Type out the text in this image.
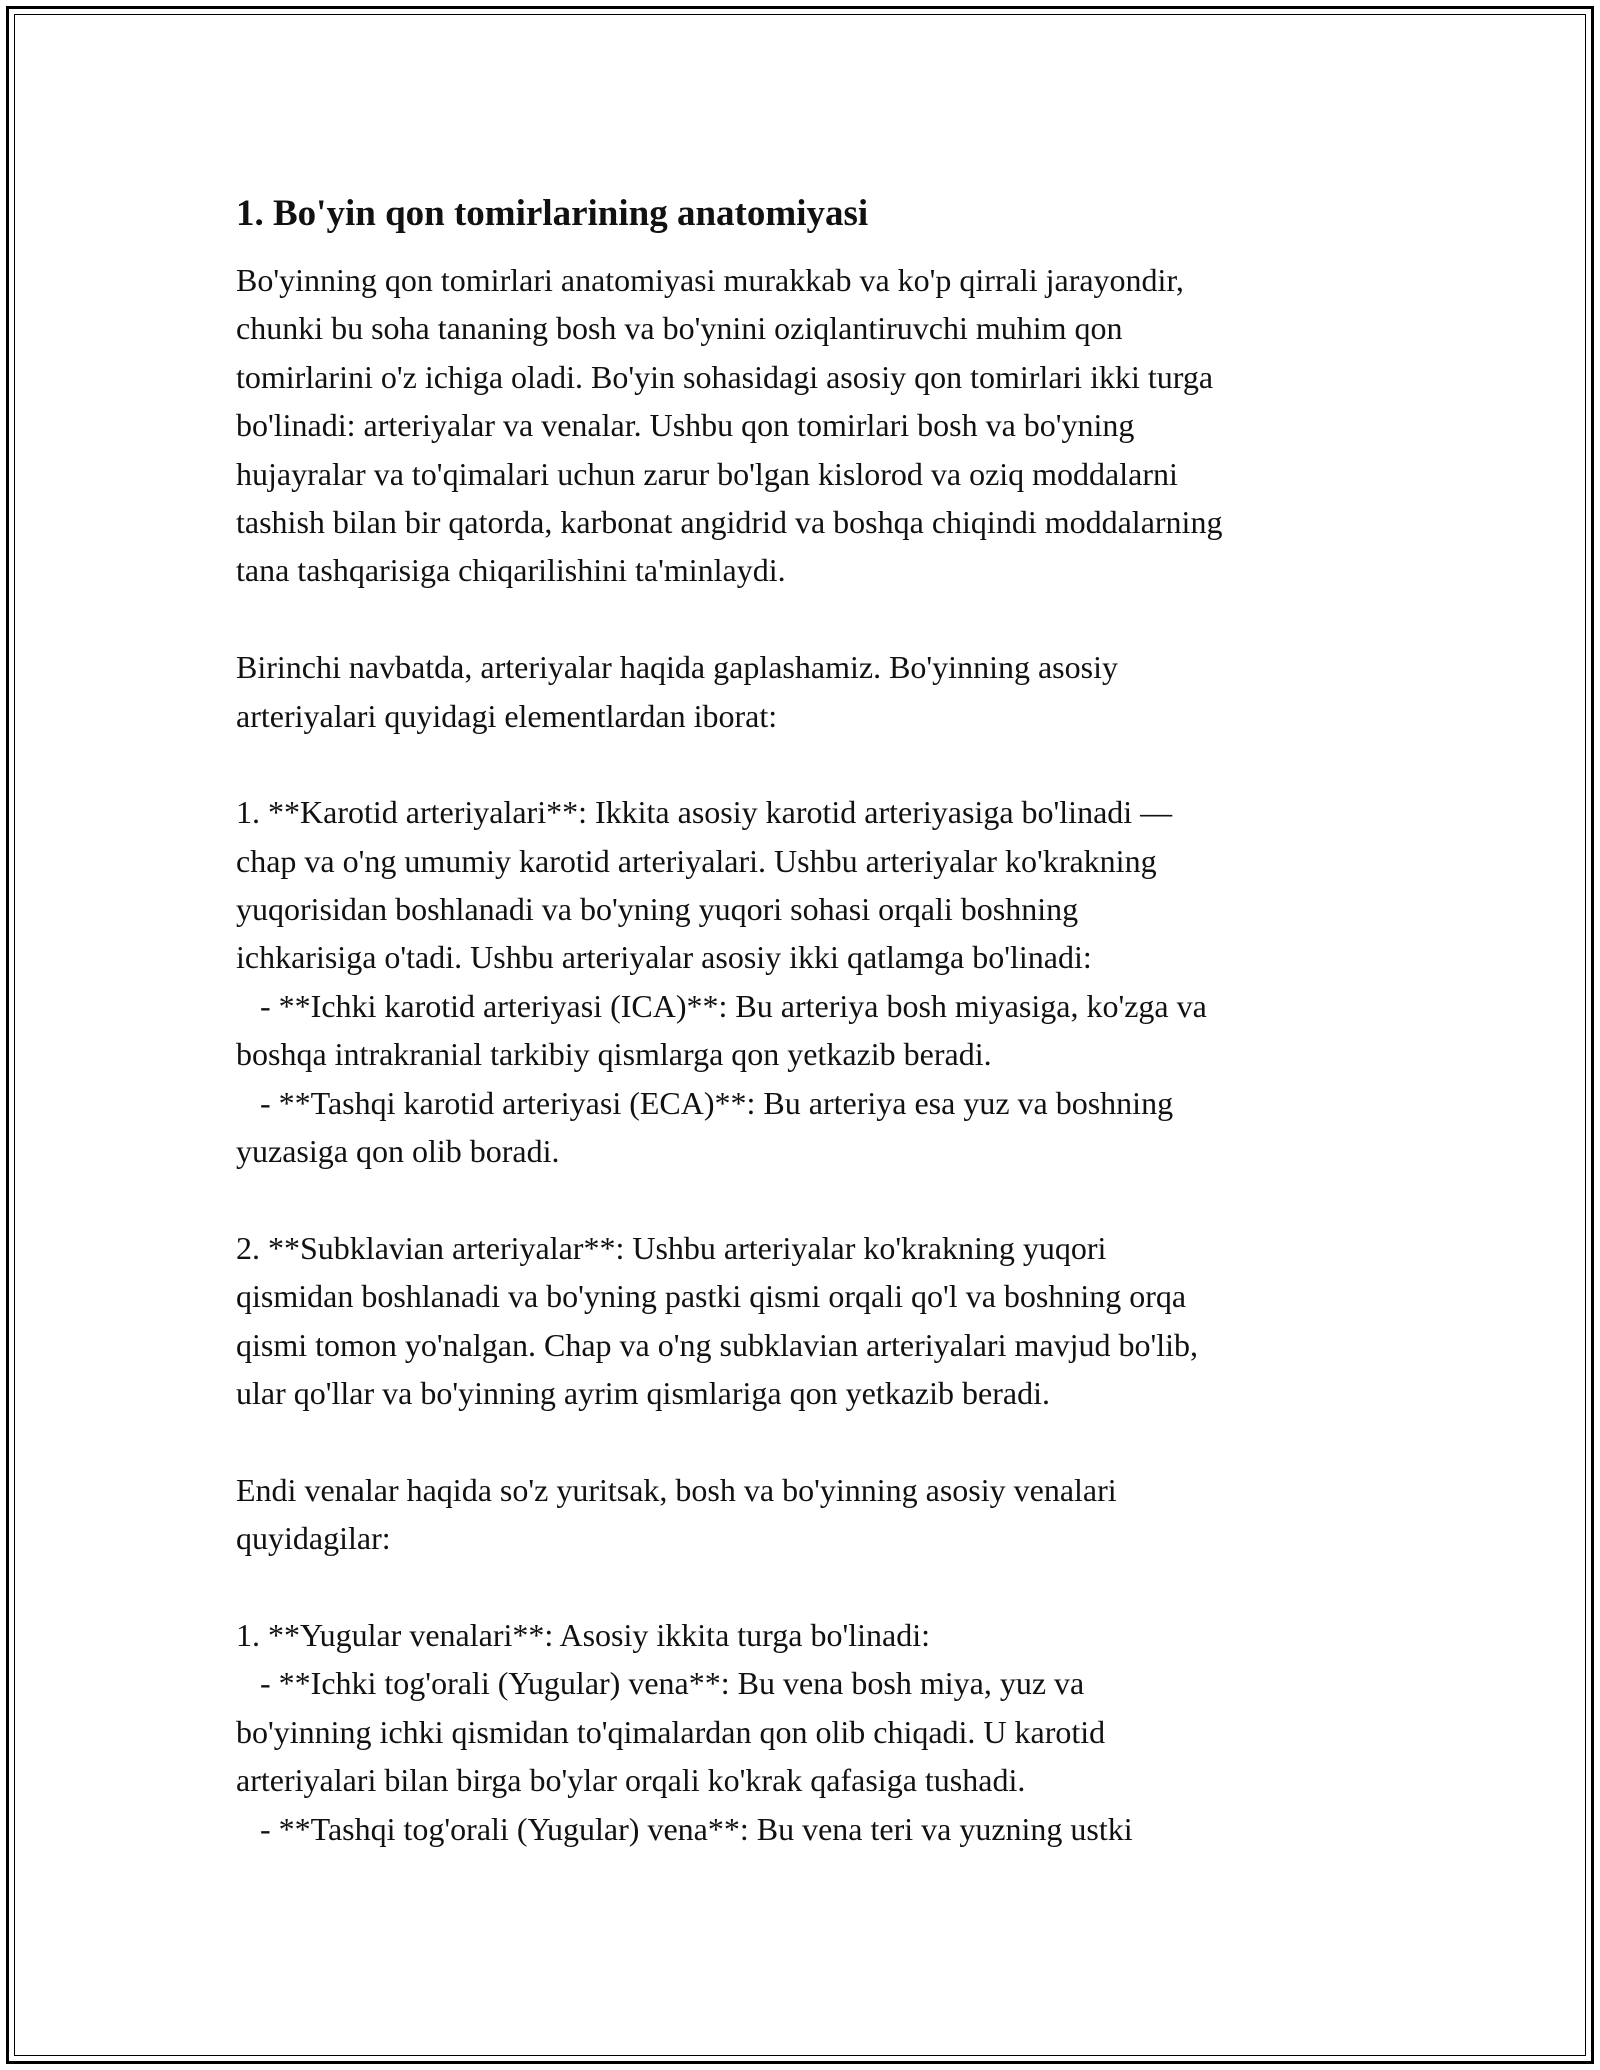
1. Bo'yin qon tomirlarining anatomiyasi

Bo'yinning qon tomirlari anatomiyasi murakkab va ko'p qirrali jarayondir,
chunki bu soha tananing bosh va bo'ynini oziqlantiruvchi muhim qon
tomirlarini o'z ichiga oladi. Bo'yin sohasidagi asosiy qon tomirlari ikki turga
bo'linadi: arteriyalar va venalar. Ushbu qon tomirlari bosh va bo'yning
hujayralar va to'qimalari uchun zarur bo'lgan kislorod va oziq moddalarni
tashish bilan bir qatorda, karbonat angidrid va boshqa chiqindi moddalarning
tana tashqarisiga chiqarilishini ta'minlaydi.

Birinchi navbatda, arteriyalar haqida gaplashamiz. Bo'yinning asosiy
arteriyalari quyidagi elementlardan iborat:

1. **Karotid arteriyalari**: Ikkita asosiy karotid arteriyasiga bo'linadi —
chap va o'ng umumiy karotid arteriyalari. Ushbu arteriyalar ko'krakning
yuqorisidan boshlanadi va bo'yning yuqori sohasi orqali boshning
ichkarisiga o'tadi. Ushbu arteriyalar asosiy ikki qatlamga bo'linadi:
- **Ichki karotid arteriyasi (ICA)**: Bu arteriya bosh miyasiga, ko'zga va
boshqa intrakranial tarkibiy qismlarga qon yetkazib beradi.
- **Tashqi karotid arteriyasi (ECA)**: Bu arteriya esa yuz va boshning
yuzasiga qon olib boradi.

2. **Subklavian arteriyalar**: Ushbu arteriyalar ko'krakning yuqori
qismidan boshlanadi va bo'yning pastki qismi orqali qo'l va boshning orqa
qismi tomon yo'nalgan. Chap va o'ng subklavian arteriyalari mavjud bo'lib,
ular qo'llar va bo'yinning ayrim qismlariga qon yetkazib beradi.

Endi venalar haqida so'z yuritsak, bosh va bo'yinning asosiy venalari
quyidagilar:

1. **Yugular venalari**: Asosiy ikkita turga bo'linadi:
- **Ichki tog'orali (Yugular) vena**: Bu vena bosh miya, yuz va
bo'yinning ichki qismidan to'qimalardan qon olib chiqadi. U karotid
arteriyalari bilan birga bo'ylar orqali ko'krak qafasiga tushadi.
- **Tashqi tog'orali (Yugular) vena**: Bu vena teri va yuzning ustki
